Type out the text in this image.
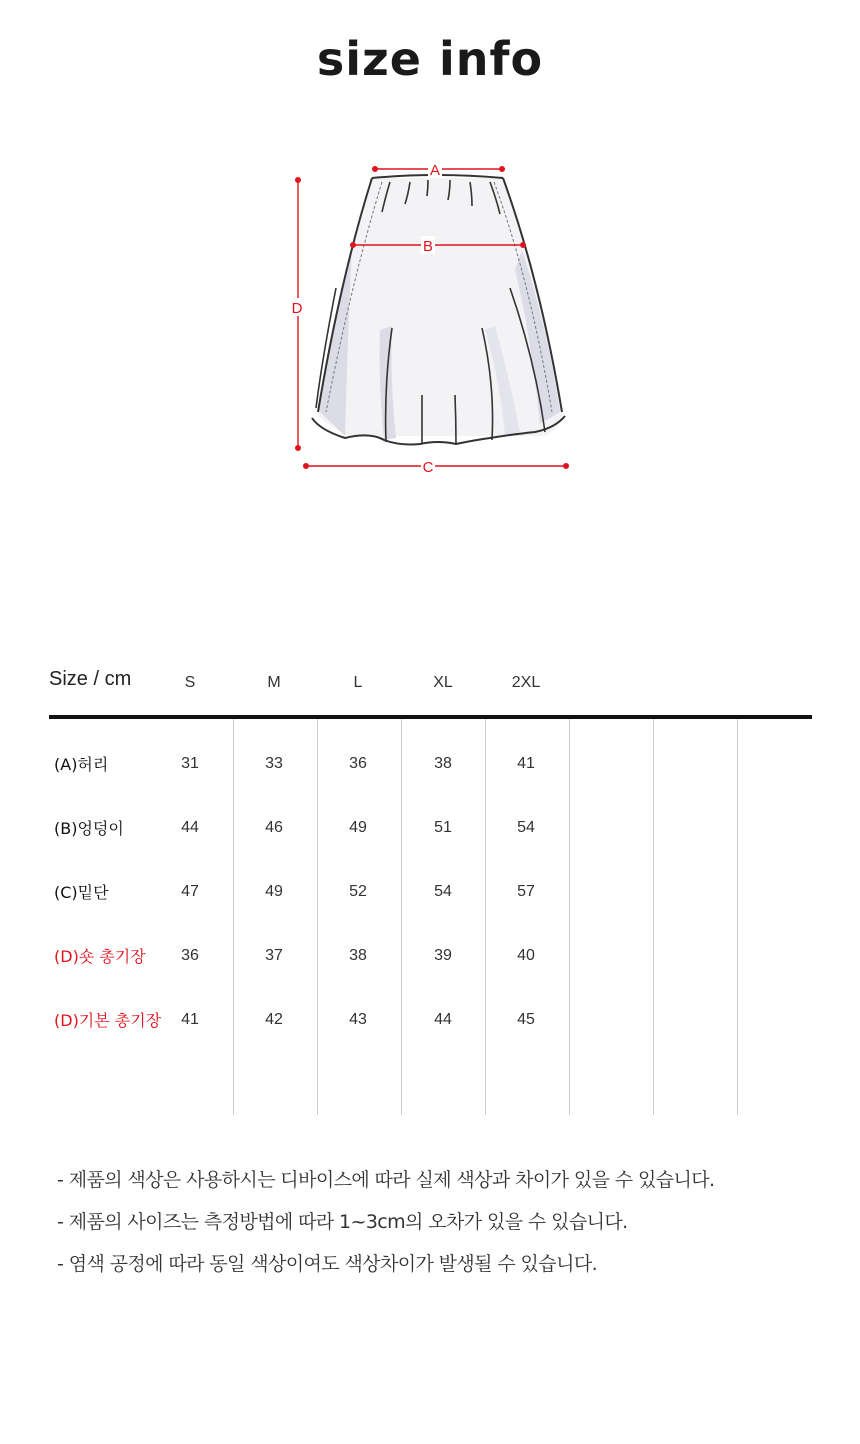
size info
A
B
C
D
Size / cm	S	M	L	XL	2XL
(A)허리	31	33	36	38	41
(B)엉덩이	44	46	49	51	54
(C)밑단	47	49	52	54	57
(D)숏 총기장	36	37	38	39	40
(D)기본 총기장	41	42	43	44	45
- 제품의 색상은 사용하시는 디바이스에 따라 실제 색상과 차이가 있을 수 있습니다.
- 제품의 사이즈는 측정방법에 따라 1~3cm의 오차가 있을 수 있습니다.
- 염색 공정에 따라 동일 색상이여도 색상차이가 발생될 수 있습니다.
